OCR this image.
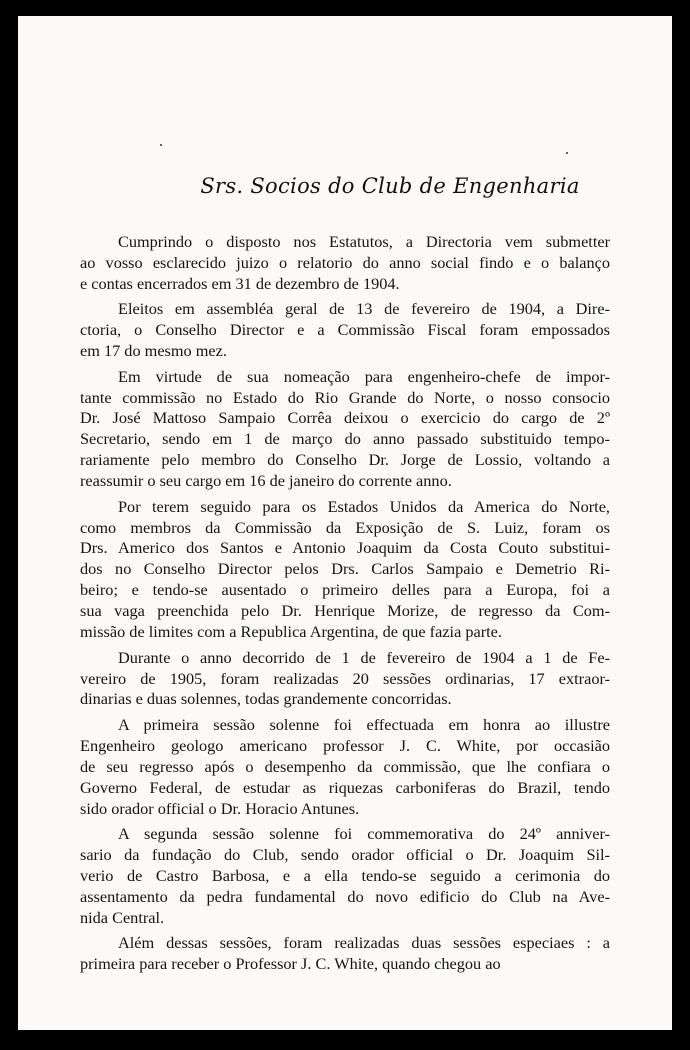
Srs. Socios do Club de Engenharia
Cumprindo o disposto nos Estatutos, a Directoria vem submetter
ao vosso esclarecido juizo o relatorio do anno social findo e o balanço
e contas encerrados em 31 de dezembro de 1904.
Eleitos em assembléa geral de 13 de fevereiro de 1904, a Dire-
ctoria, o Conselho Director e a Commissão Fiscal foram empossados
em 17 do mesmo mez.
Em virtude de sua nomeação para engenheiro-chefe de impor-
tante commissão no Estado do Rio Grande do Norte, o nosso consocio
Dr. José Mattoso Sampaio Corrêa deixou o exercicio do cargo de 2º
Secretario, sendo em 1 de março do anno passado substituido tempo-
rariamente pelo membro do Conselho Dr. Jorge de Lossio, voltando a
reassumir o seu cargo em 16 de janeiro do corrente anno.
Por terem seguido para os Estados Unidos da America do Norte,
como membros da Commissão da Exposição de S. Luiz, foram os
Drs. Americo dos Santos e Antonio Joaquim da Costa Couto substitui-
dos no Conselho Director pelos Drs. Carlos Sampaio e Demetrio Ri-
beiro; e tendo-se ausentado o primeiro delles para a Europa, foi a
sua vaga preenchida pelo Dr. Henrique Morize, de regresso da Com-
missão de limites com a Republica Argentina, de que fazia parte.
Durante o anno decorrido de 1 de fevereiro de 1904 a 1 de Fe-
vereiro de 1905, foram realizadas 20 sessões ordinarias, 17 extraor-
dinarias e duas solennes, todas grandemente concorridas.
A primeira sessão solenne foi effectuada em honra ao illustre
Engenheiro geologo americano professor J. C. White, por occasião
de seu regresso após o desempenho da commissão, que lhe confiara o
Governo Federal, de estudar as riquezas carboniferas do Brazil, tendo
sido orador official o Dr. Horacio Antunes.
A segunda sessão solenne foi commemorativa do 24º anniver-
sario da fundação do Club, sendo orador official o Dr. Joaquim Sil-
verio de Castro Barbosa, e a ella tendo-se seguido a cerimonia do
assentamento da pedra fundamental do novo edificio do Club na Ave-
nida Central.
Além dessas sessões, foram realizadas duas sessões especiaes : a
primeira para receber o Professor J. C. White, quando chegou ao
